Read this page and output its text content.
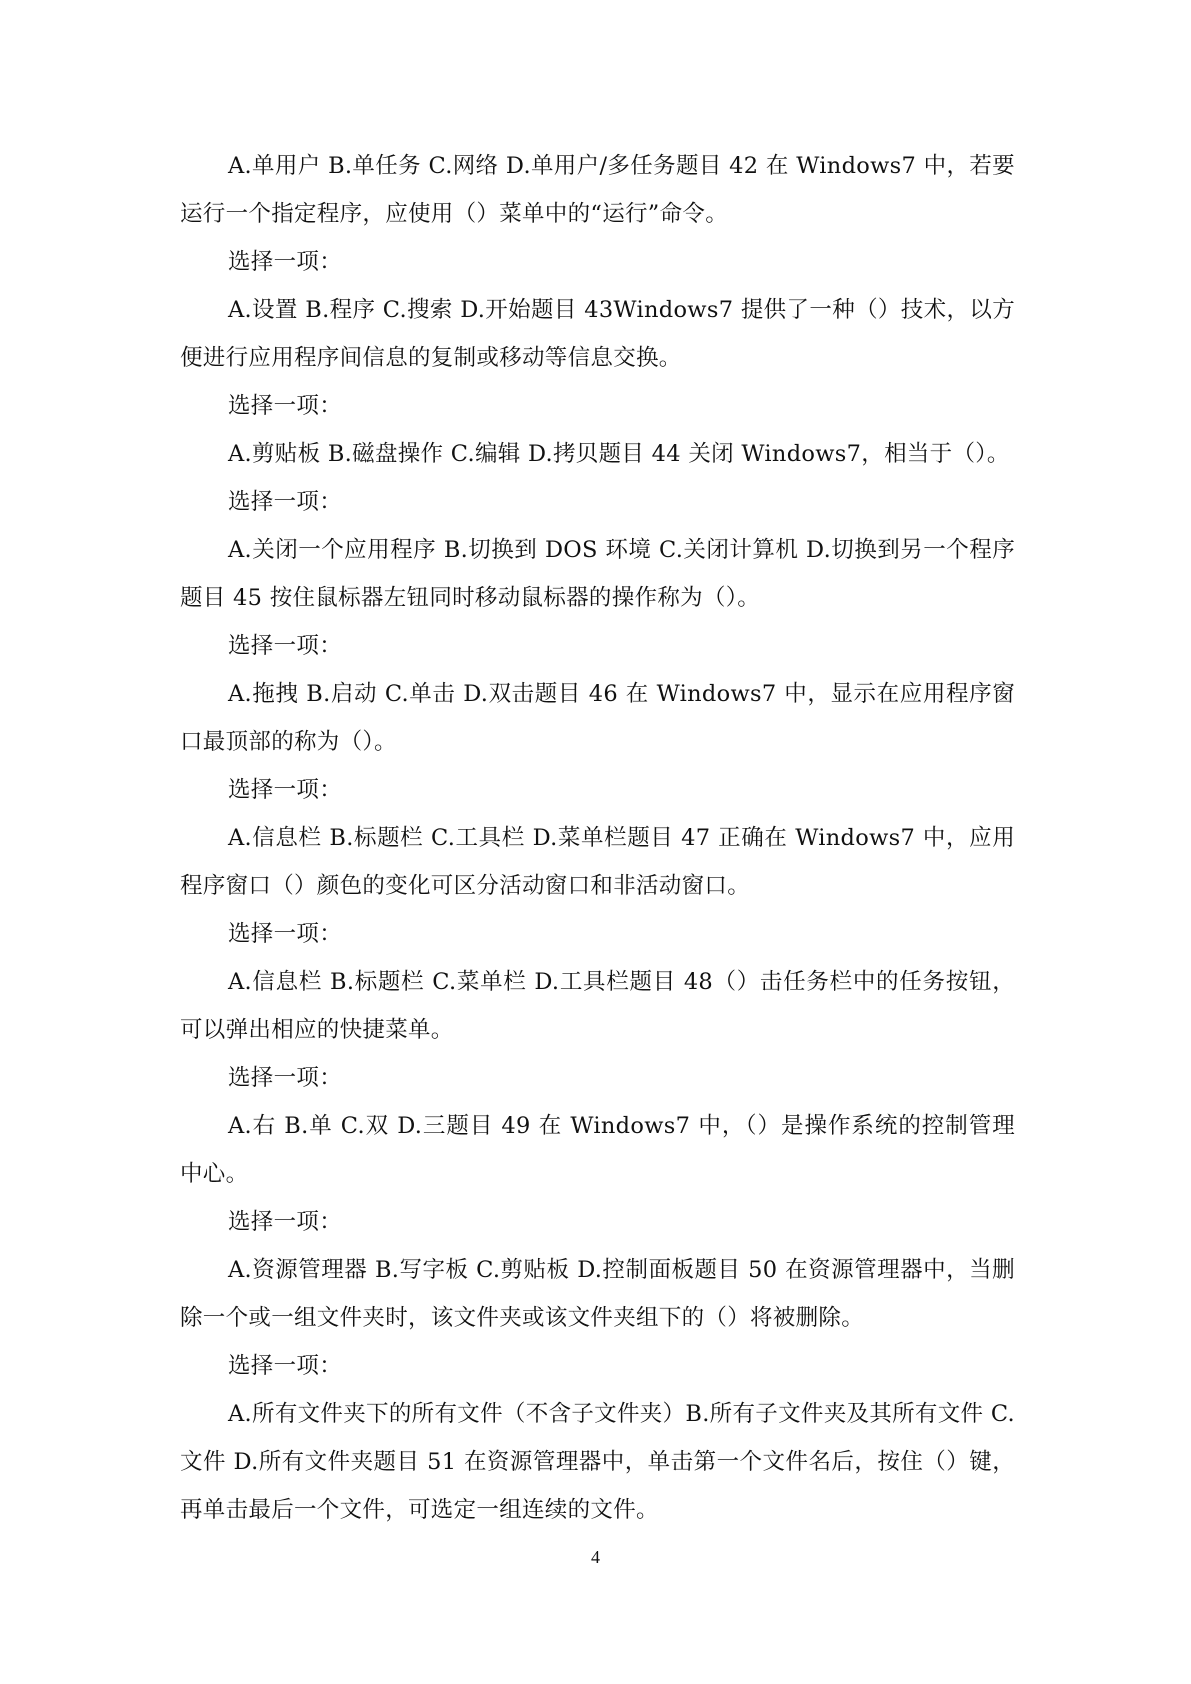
A.单用户 B.单任务 C.网络 D.单用户/多任务题目 42 在 Windows7 中，若要运行一个指定程序，应使用（）菜单中的“运行”命令。

选择一项：

A.设置 B.程序 C.搜索 D.开始题目 43Windows7 提供了一种（）技术，以方便进行应用程序间信息的复制或移动等信息交换。

选择一项：

A.剪贴板 B.磁盘操作 C.编辑 D.拷贝题目 44 关闭 Windows7，相当于（）。

选择一项：

A.关闭一个应用程序 B.切换到 DOS 环境 C.关闭计算机 D.切换到另一个程序题目 45 按住鼠标器左钮同时移动鼠标器的操作称为（）。

选择一项：

A.拖拽 B.启动 C.单击 D.双击题目 46 在 Windows7 中，显示在应用程序窗口最顶部的称为（）。

选择一项：

A.信息栏 B.标题栏 C.工具栏 D.菜单栏题目 47 正确在 Windows7 中，应用程序窗口（）颜色的变化可区分活动窗口和非活动窗口。

选择一项：

A.信息栏 B.标题栏 C.菜单栏 D.工具栏题目 48（）击任务栏中的任务按钮，可以弹出相应的快捷菜单。

选择一项：

A.右 B.单 C.双 D.三题目 49 在 Windows7 中，（）是操作系统的控制管理中心。

选择一项：

A.资源管理器 B.写字板 C.剪贴板 D.控制面板题目 50 在资源管理器中，当删除一个或一组文件夹时，该文件夹或该文件夹组下的（）将被删除。

选择一项：

A.所有文件夹下的所有文件（不含子文件夹）B.所有子文件夹及其所有文件 C.文件 D.所有文件夹题目 51 在资源管理器中，单击第一个文件名后，按住（）键，再单击最后一个文件，可选定一组连续的文件。

4
